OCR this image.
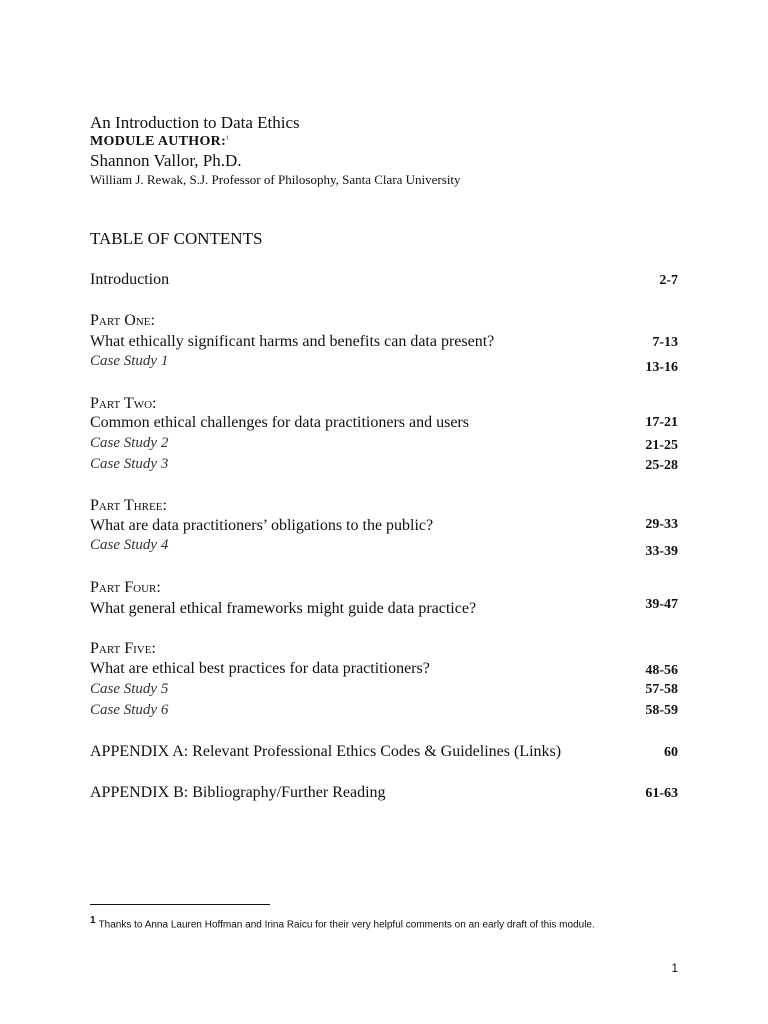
An Introduction to Data Ethics
MODULE AUTHOR:$^1$
Shannon Vallor, Ph.D.
William J. Rewak, S.J. Professor of Philosophy, Santa Clara University
TABLE OF CONTENTS
Introduction	2-7
Part One:
What ethically significant harms and benefits can data present?	7-13
Case Study 1	13-16
Part Two:
Common ethical challenges for data practitioners and users	17-21
Case Study 2	21-25
Case Study 3	25-28
Part Three:
What are data practitioners’ obligations to the public?	29-33
Case Study 4	33-39
Part Four:
What general ethical frameworks might guide data practice?	39-47
Part Five:
What are ethical best practices for data practitioners?	48-56
Case Study 5	57-58
Case Study 6	58-59
APPENDIX A: Relevant Professional Ethics Codes & Guidelines (Links)	60
APPENDIX B: Bibliography/Further Reading	61-63
1 Thanks to Anna Lauren Hoffman and Irina Raicu for their very helpful comments on an early draft of this module.
1
